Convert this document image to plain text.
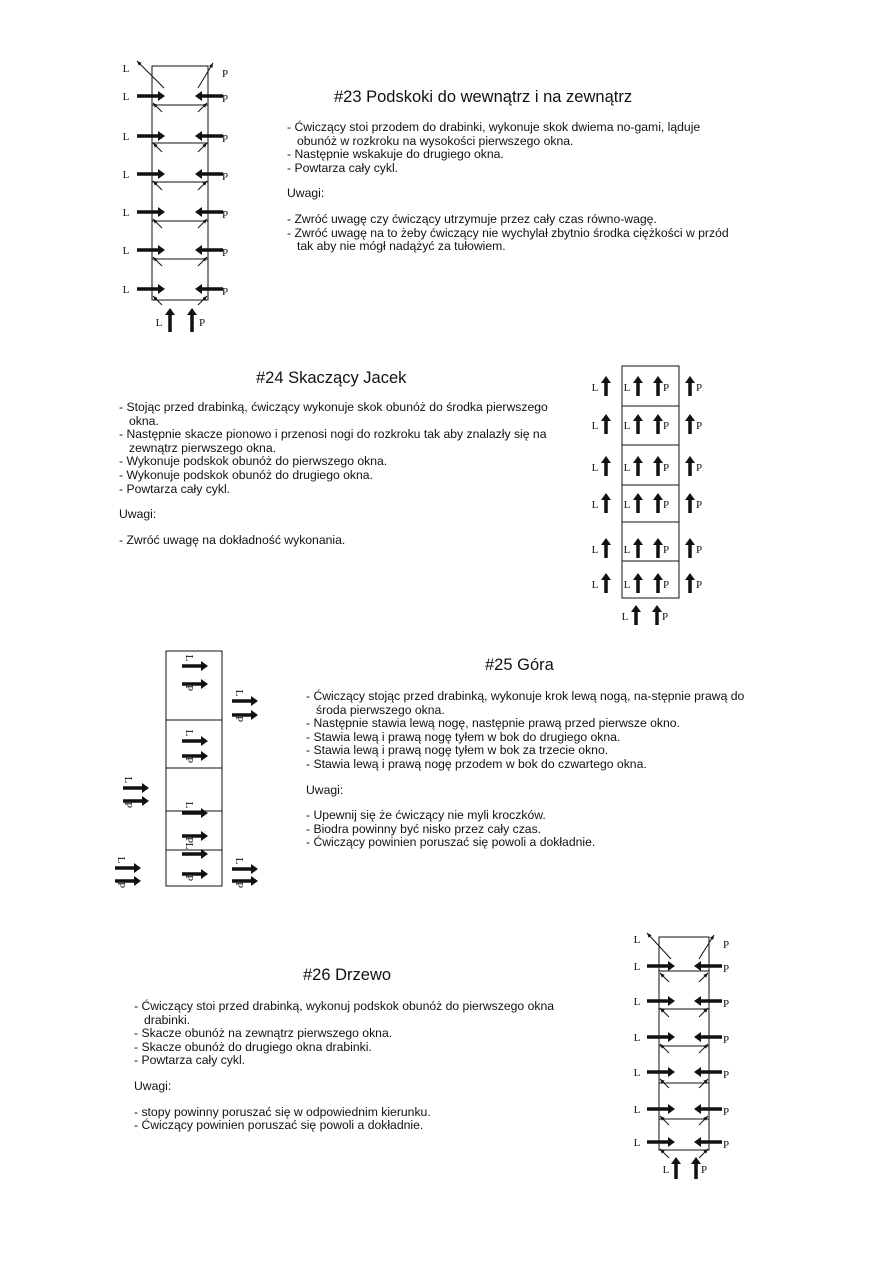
L	P
L	P
L	P
L	P
L	P
L	P
L	P
L	P
#23 Podskoki do wewnątrz i na zewnątrz

- Ćwiczący stoi przodem do drabinki, wykonuje skok dwiema no-gami, ląduje obunóż w rozkroku na wysokości pierwszego okna.

- Następnie wskakuje do drugiego okna.

- Powtarza cały cykl.

Uwagi:

- Zwróć uwagę czy ćwiczący utrzymuje przez cały czas równo-wagę.

- Zwróć uwagę na to żeby ćwiczący nie wychylał zbytnio środka ciężkości w przód tak aby nie mógł nadążyć za tułowiem.

#24 Skaczący Jacek

- Stojąc przed drabinką, ćwiczący wykonuje skok obunóż do środka pierwszego okna.

- Następnie skacze pionowo i przenosi nogi do rozkroku tak aby znalazły się na zewnątrz pierwszego okna.

- Wykonuje podskok obunóż do pierwszego okna.

- Wykonuje podskok obunóż do drugiego okna.

- Powtarza cały cykl.

Uwagi:

- Zwróć uwagę na dokładność wykonania.

L L	P P
L L	P P
L L	P P
L L	P P
L L	P P
L L	P P
L	P
L
P
L
P
L
P
L
P
L
P
L
P
L
P
L
P
#25 Góra

- Ćwiczący stojąc przed drabinką, wykonuje krok lewą nogą, na-stępnie prawą do środa pierwszego okna.

- Następnie stawia lewą nogę, następnie prawą przed pierwsze okno.

- Stawia lewą i prawą nogę tyłem w bok do drugiego okna.

- Stawia lewą i prawą nogę tyłem w bok za trzecie okno.

- Stawia lewą i prawą nogę przodem w bok do czwartego okna.

Uwagi:

- Upewnij się że ćwiczący nie myli kroczków.

- Biodra powinny być nisko przez cały czas.

- Ćwiczący powinien poruszać się powoli a dokładnie.

#26 Drzewo

- Ćwiczący stoi przed drabinką, wykonuj podskok obunóż do pierwszego okna drabinki.

- Skacze obunóż na zewnątrz pierwszego okna.

- Skacze obunóż do drugiego okna drabinki.

- Powtarza cały cykl.

Uwagi:

- stopy powinny poruszać się w odpowiednim kierunku.

- Ćwiczący powinien poruszać się powoli a dokładnie.

L	P
L	P
L	P
L	P
L	P
L	P
L	P
L	P
